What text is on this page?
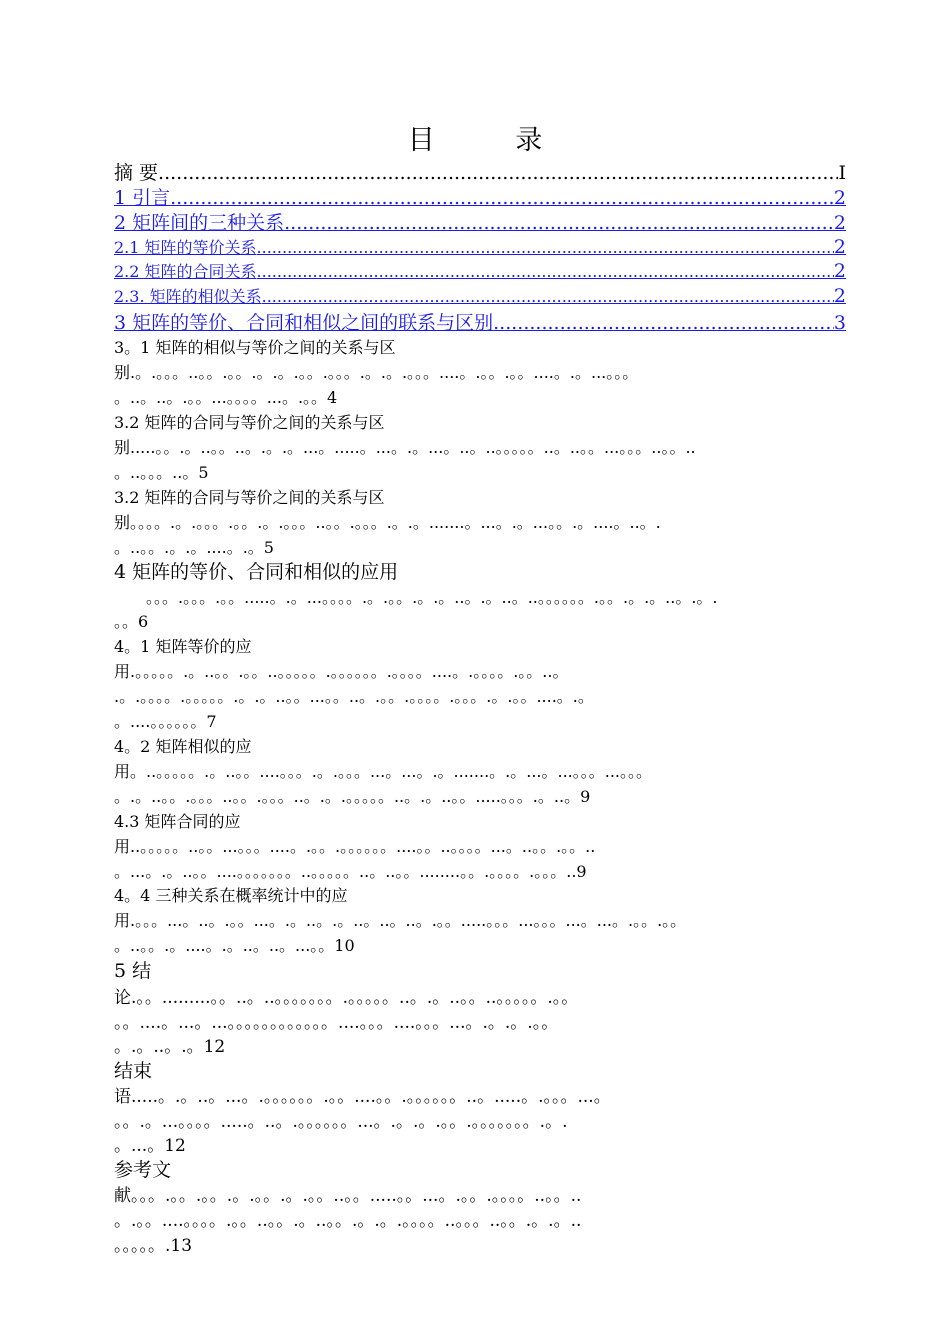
目 录
摘 要 .....	I
1 引言 .....	2
2 矩阵间的三种关系 .....	2
2.1 矩阵的等价关系 .....	2
2.2 矩阵的合同关系 .....	2
2.3. 矩阵的相似关系 .....	2
3 矩阵的等价、合同和相似之间的联系与区别 .....	3
3。1 矩阵的相似与等价之间的关系与区
别.。.。。。..。。.。。.。.。.。。.。。。.。.。.。。。....。.。。.。。....。.。...。。。
。..。..。.。。...。。。。...。.。。4
3.2 矩阵的合同与等价之间的关系与区
别.....。。.。..。。..。.。.。...。.....。...。.。...。..。..。。。。。..。..。。...。。。..。。..
。..。。。..。5
3.2 矩阵的合同与等价之间的关系与区
别。。。。.。.。。。.。。.。.。。。..。。.。。。.。.。.......。...。.。...。。.。....。..。.
。..。。.。.。....。.。5
4 矩阵的等价、合同和相似的应用
。。。.。。。.。。.....。.。...。。。。.。.。。.。.。..。.。..。..。。。。。。.。。.。.。..。.。.
。。6
4。1 矩阵等价的应
用.。。。。。.。..。。.。。..。。。。。.。。。。。。.。。。。....。.。。。。.。。..。
.。.。。。。.。。。。。.。.。..。。...。。..。.。。.。。。。.。。。.。.。。....。.。
。....。。。。。。7
4。2 矩阵相似的应
用。..。。。。。.。..。。....。。。.。.。。。...。...。.。.......。.。...。...。。。...。。。
。.。..。。.。。。..。。.。。。..。.。.。。。。。..。.。..。。.....。。。.。..。9
4.3 矩阵合同的应
用..。。。。。..。。...。。。....。.。。.。。。。。。....。。..。。。。...。..。。.。。..
。...。.。..。。....。。。。。。。..。。。。。..。..。。........。。.。。。。.。。。..9
4。4 三种关系在概率统计中的应
用.。。。...。..。.。。...。.。..。.。..。..。..。.。。.....。。。...。。。...。...。.。。.。。
。..。。.。....。.。..。..。...。。10
5 结
论.。。.........。。..。..。。。。。。。.。。。。。..。.。..。。..。。。。。.。。
。。....。...。...。。。。。。。。。。。。....。。。....。。。...。.。.。.。。
。.。..。.。12
结束
语.....。.。..。...。.。。。。。。.。。....。。.。。。。。。..。.....。.。。。...。
。。.。...。。。。.....。..。.。。。。。。...。.。.。.。。.。。。。。。。.。.
。...。12
参考文
献。。。.。。.。。.。.。。.。.。。..。。.....。。...。.。。.。。。。..。。..
。.。。....。。。。.。。..。。.。..。。.。.。.。。。。..。。。..。。.。.。..
。。。。。.13
